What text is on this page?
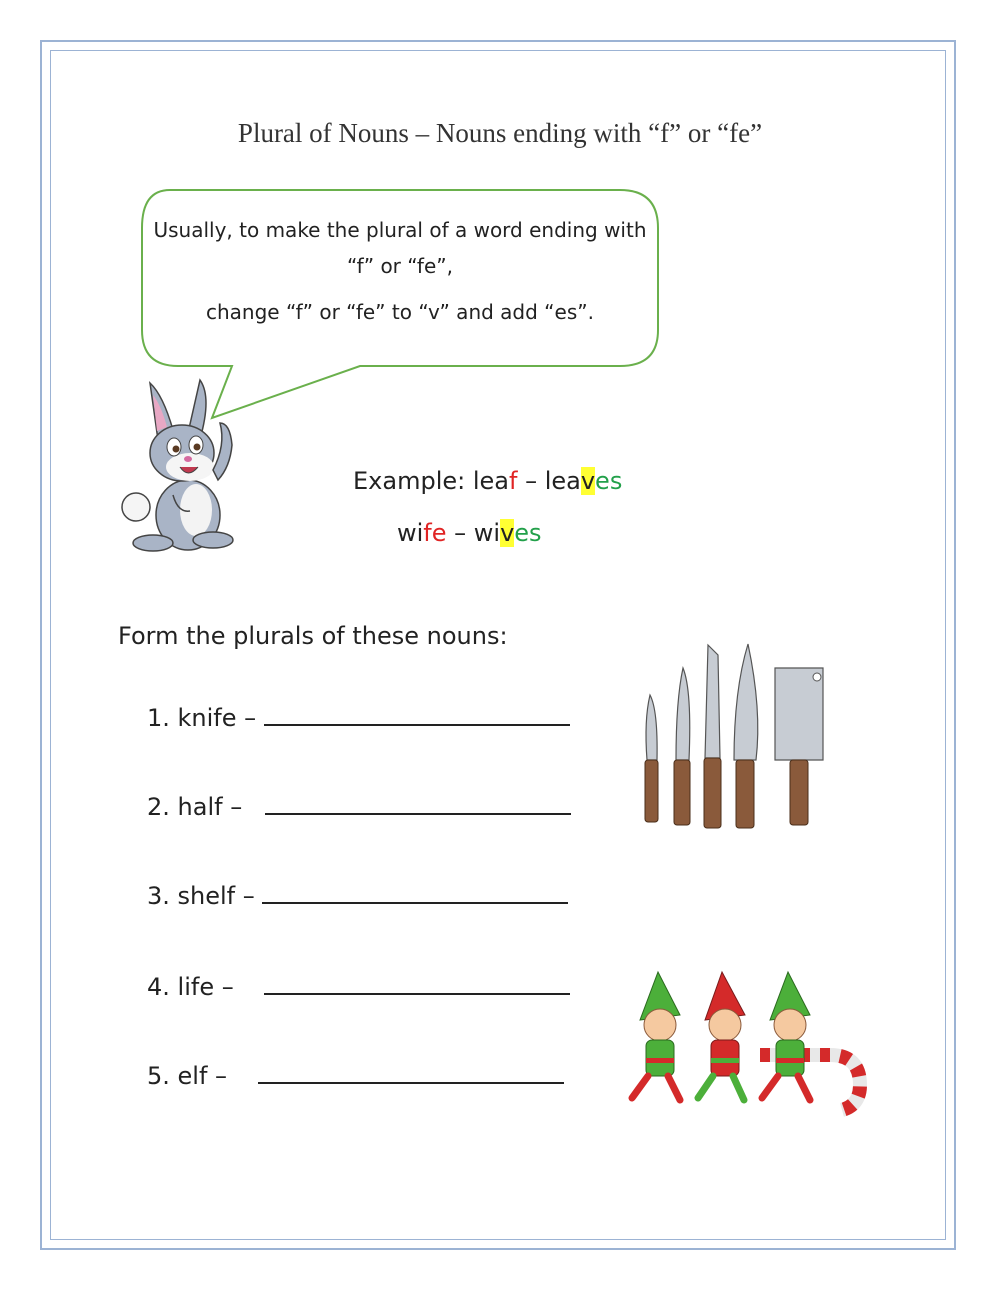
Plural of Nouns – Nouns ending with “f” or “fe”

Usually, to make the plural of a word ending with “f” or “fe”,

change “f” or “fe” to “v” and add “es”.

Example: leaf – leaves
wife – wives
Form the plurals of these nouns:
1. knife –
2. half –
3. shelf –
4. life –
5. elf –
